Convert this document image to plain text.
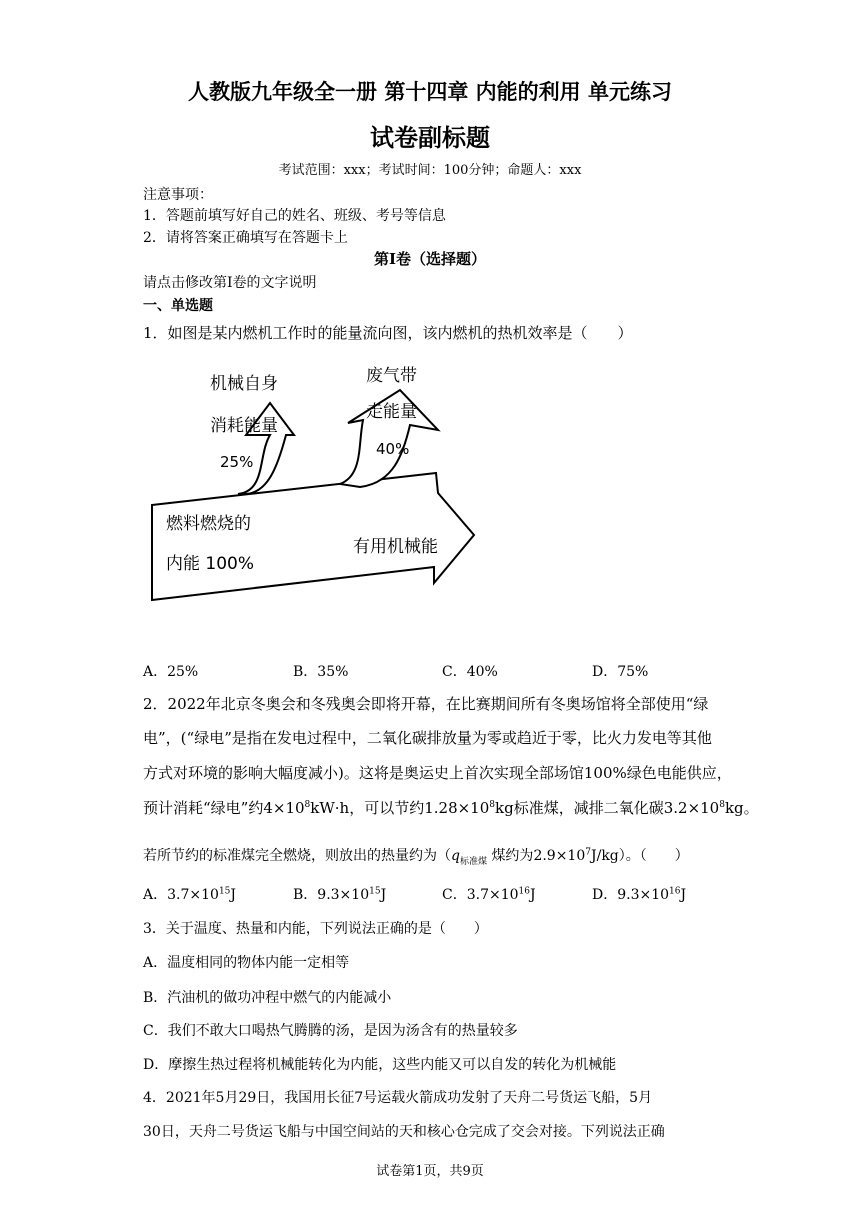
人教版九年级全一册 第十四章 内能的利用 单元练习
试卷副标题
考试范围：xxx；考试时间：100分钟；命题人：xxx
注意事项：
1．答题前填写好自己的姓名、班级、考号等信息
2．请将答案正确填写在答题卡上
第I卷（选择题）
请点击修改第I卷的文字说明
一、单选题
1．如图是某内燃机工作时的能量流向图，该内燃机的热机效率是（　　）
机械自身
消耗能量
25%
废气带
走能量
40%
燃料燃烧的
内能 100%
有用机械能
A．25%	B．35%	C．40%	D．75%
2．2022年北京冬奥会和冬残奥会即将开幕，在比赛期间所有冬奥场馆将全部使用“绿
电”，(“绿电”是指在发电过程中，二氧化碳排放量为零或趋近于零，比火力发电等其他
方式对环境的影响大幅度减小)。这将是奥运史上首次实现全部场馆100%绿色电能供应，
预计消耗“绿电”约$4\times 10^8kW\cdot h$，可以节约$1.28\times 10^8kg$标准煤，减排二氧化碳$3.2\times 10^8kg$。
若所节约的标准煤完全燃烧，则放出的热量约为（$q_{标准煤}$ 煤约为$2.9\times 10^7J/kg$）。（　　）
A．$3.7\times 10^{15}J$	B．$9.3\times 10^{15}J$	C．$3.7\times 10^{16}J$	D．$9.3\times 10^{16}J$
3．关于温度、热量和内能，下列说法正确的是（　　）
A．温度相同的物体内能一定相等
B．汽油机的做功冲程中燃气的内能减小
C．我们不敢大口喝热气腾腾的汤，是因为汤含有的热量较多
D．摩擦生热过程将机械能转化为内能，这些内能又可以自发的转化为机械能
4．2021年5月29日，我国用长征7号运载火箭成功发射了天舟二号货运飞船，5月
30日，天舟二号货运飞船与中国空间站的天和核心仓完成了交会对接。下列说法正确
试卷第1页，共9页
